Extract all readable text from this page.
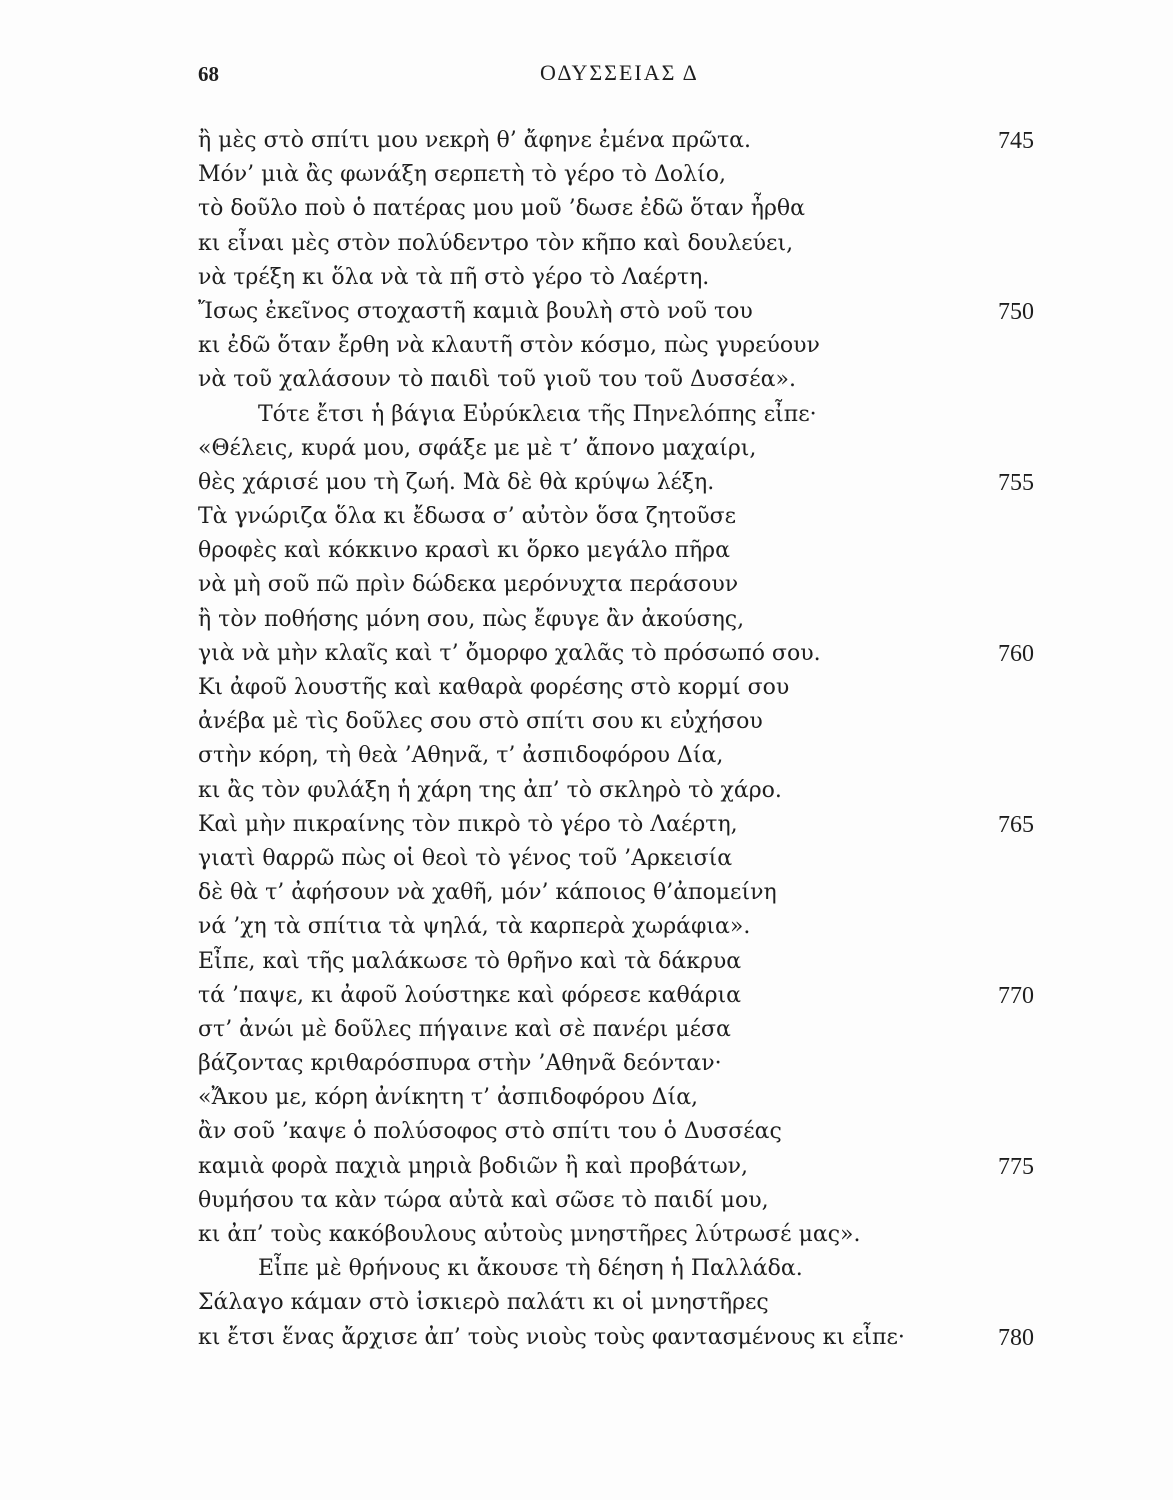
68	ΟΔΥΣΣΕΙΑΣ Δ
ἢ μὲς στὸ σπίτι μου νεκρὴ θ’ ἄφηνε ἐμένα πρῶτα.	745
Μόν’ μιὰ ἂς φωνάξη σερπετὴ τὸ γέρο τὸ Δολίο,
τὸ δοῦλο ποὺ ὁ πατέρας μου μοῦ ’δωσε ἐδῶ ὅταν ἦρθα
κι εἶναι μὲς στὸν πολύδεντρο τὸν κῆπο καὶ δουλεύει,
νὰ τρέξη κι ὅλα νὰ τὰ πῆ στὸ γέρο τὸ Λαέρτη.
Ἴσως ἐκεῖνος στοχαστῆ καμιὰ βουλὴ στὸ νοῦ του	750
κι ἐδῶ ὅταν ἔρθη νὰ κλαυτῆ στὸν κόσμο, πὼς γυρεύουν
νὰ τοῦ χαλάσουν τὸ παιδὶ τοῦ γιοῦ του τοῦ Δυσσέα».
Τότε ἔτσι ἡ βάγια Εὐρύκλεια τῆς Πηνελόπης εἶπε·
«Θέλεις, κυρά μου, σφάξε με μὲ τ’ ἄπονο μαχαίρι,
θὲς χάρισέ μου τὴ ζωή. Μὰ δὲ θὰ κρύψω λέξη.	755
Τὰ γνώριζα ὅλα κι ἔδωσα σ’ αὐτὸν ὅσα ζητοῦσε
θροφὲς καὶ κόκκινο κρασὶ κι ὅρκο μεγάλο πῆρα
νὰ μὴ σοῦ πῶ πρὶν δώδεκα μερόνυχτα περάσουν
ἢ τὸν ποθήσης μόνη σου, πὼς ἔφυγε ἂν ἀκούσης,
γιὰ νὰ μὴν κλαῖς καὶ τ’ ὄμορφο χαλᾶς τὸ πρόσωπό σου.	760
Κι ἀφοῦ λουστῆς καὶ καθαρὰ φορέσης στὸ κορμί σου
ἀνέβα μὲ τὶς δοῦλες σου στὸ σπίτι σου κι εὐχήσου
στὴν κόρη, τὴ θεὰ ’Αθηνᾶ, τ’ ἀσπιδοφόρου Δία,
κι ἂς τὸν φυλάξη ἡ χάρη της ἀπ’ τὸ σκληρὸ τὸ χάρο.
Καὶ μὴν πικραίνης τὸν πικρὸ τὸ γέρο τὸ Λαέρτη,	765
γιατὶ θαρρῶ πὼς οἱ θεοὶ τὸ γένος τοῦ ’Αρκεισία
δὲ θὰ τ’ ἀφήσουν νὰ χαθῆ, μόν’ κάποιος θ’ἀπομείνη
νά ’χη τὰ σπίτια τὰ ψηλά, τὰ καρπερὰ χωράφια».
Εἶπε, καὶ τῆς μαλάκωσε τὸ θρῆνο καὶ τὰ δάκρυα
τά ’παψε, κι ἀφοῦ λούστηκε καὶ φόρεσε καθάρια	770
στ’ ἀνώι μὲ δοῦλες πήγαινε καὶ σὲ πανέρι μέσα
βάζοντας κριθαρόσπυρα στὴν ’Αθηνᾶ δεόνταν·
«Ἄκου με, κόρη ἀνίκητη τ’ ἀσπιδοφόρου Δία,
ἂν σοῦ ’καψε ὁ πολύσοφος στὸ σπίτι του ὁ Δυσσέας
καμιὰ φορὰ παχιὰ μηριὰ βοδιῶν ἢ καὶ προβάτων,	775
θυμήσου τα κὰν τώρα αὐτὰ καὶ σῶσε τὸ παιδί μου,
κι ἀπ’ τοὺς κακόβουλους αὐτοὺς μνηστῆρες λύτρωσέ μας».
Εἶπε μὲ θρήνους κι ἄκουσε τὴ δέηση ἡ Παλλάδα.
Σάλαγο κάμαν στὸ ἰσκιερὸ παλάτι κι οἱ μνηστῆρες
κι ἔτσι ἕνας ἄρχισε ἀπ’ τοὺς νιοὺς τοὺς φαντασμένους κι εἶπε·	780
